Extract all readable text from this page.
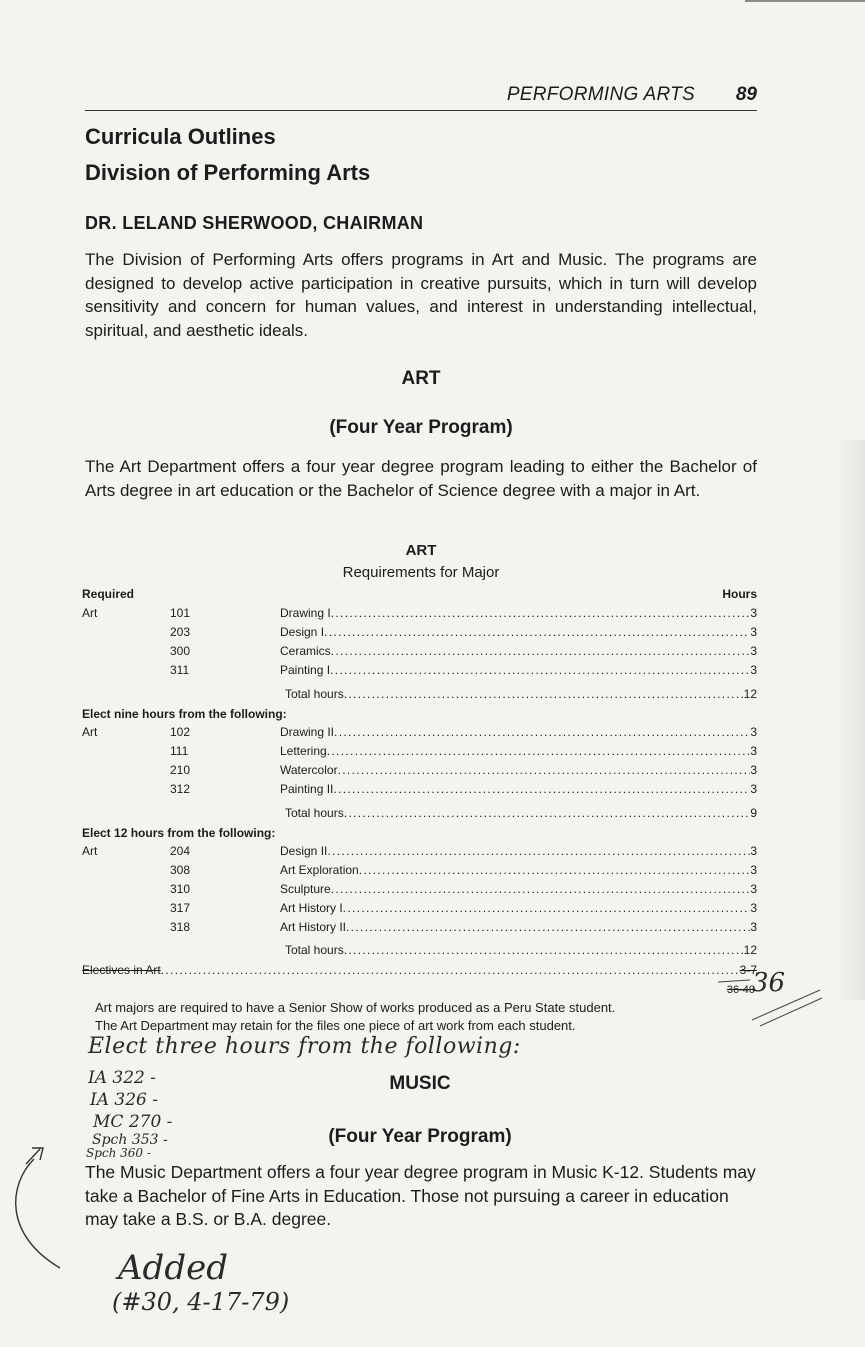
PERFORMING ARTS 89
Curricula Outlines
Division of Performing Arts
DR. LELAND SHERWOOD, CHAIRMAN

The Division of Performing Arts offers programs in Art and Music. The programs are designed to develop active participation in creative pursuits, which in turn will develop sensitivity and concern for human values, and interest in understanding intellectual, spiritual, and aesthetic ideals.

ART
(Four Year Program)

The Art Department offers a four year degree program leading to either the Bachelor of Arts degree in art education or the Bachelor of Science degree with a major in Art.

ART
Requirements for Major
Required	Hours
Art	101	Drawing I . . .	3
203	Design I . . .	3
300	Ceramics . . .	3
311	Painting I . . .	3
Total hours . . .	12
Elect nine hours from the following:
Art	102	Drawing II . . .	3
111	Lettering . . .	3
210	Watercolor . . .	3
312	Painting II . . .	3
Total hours . . .	9
Elect 12 hours from the following:
Art	204	Design II . . .	3
308	Art Exploration . . .	3
310	Sculpture . . .	3
317	Art History I . . .	3
318	Art History II . . .	3
Total hours . . .	12
Electives in Art . . .	3-7
36-40
Art majors are required to have a Senior Show of works produced as a Peru State student.
The Art Department may retain for the files one piece of art work from each student.
Elect three hours from the following:
IA 322 -
IA 326 -
MC 270 -
Spch 353 -
Spch 360 -
36
Added
(#30, 4-17-79)
MUSIC
(Four Year Program)

The Music Department offers a four year degree program in Music K-12. Students may take a Bachelor of Fine Arts in Education. Those not pursuing a career in education may take a B.S. or B.A. degree.
